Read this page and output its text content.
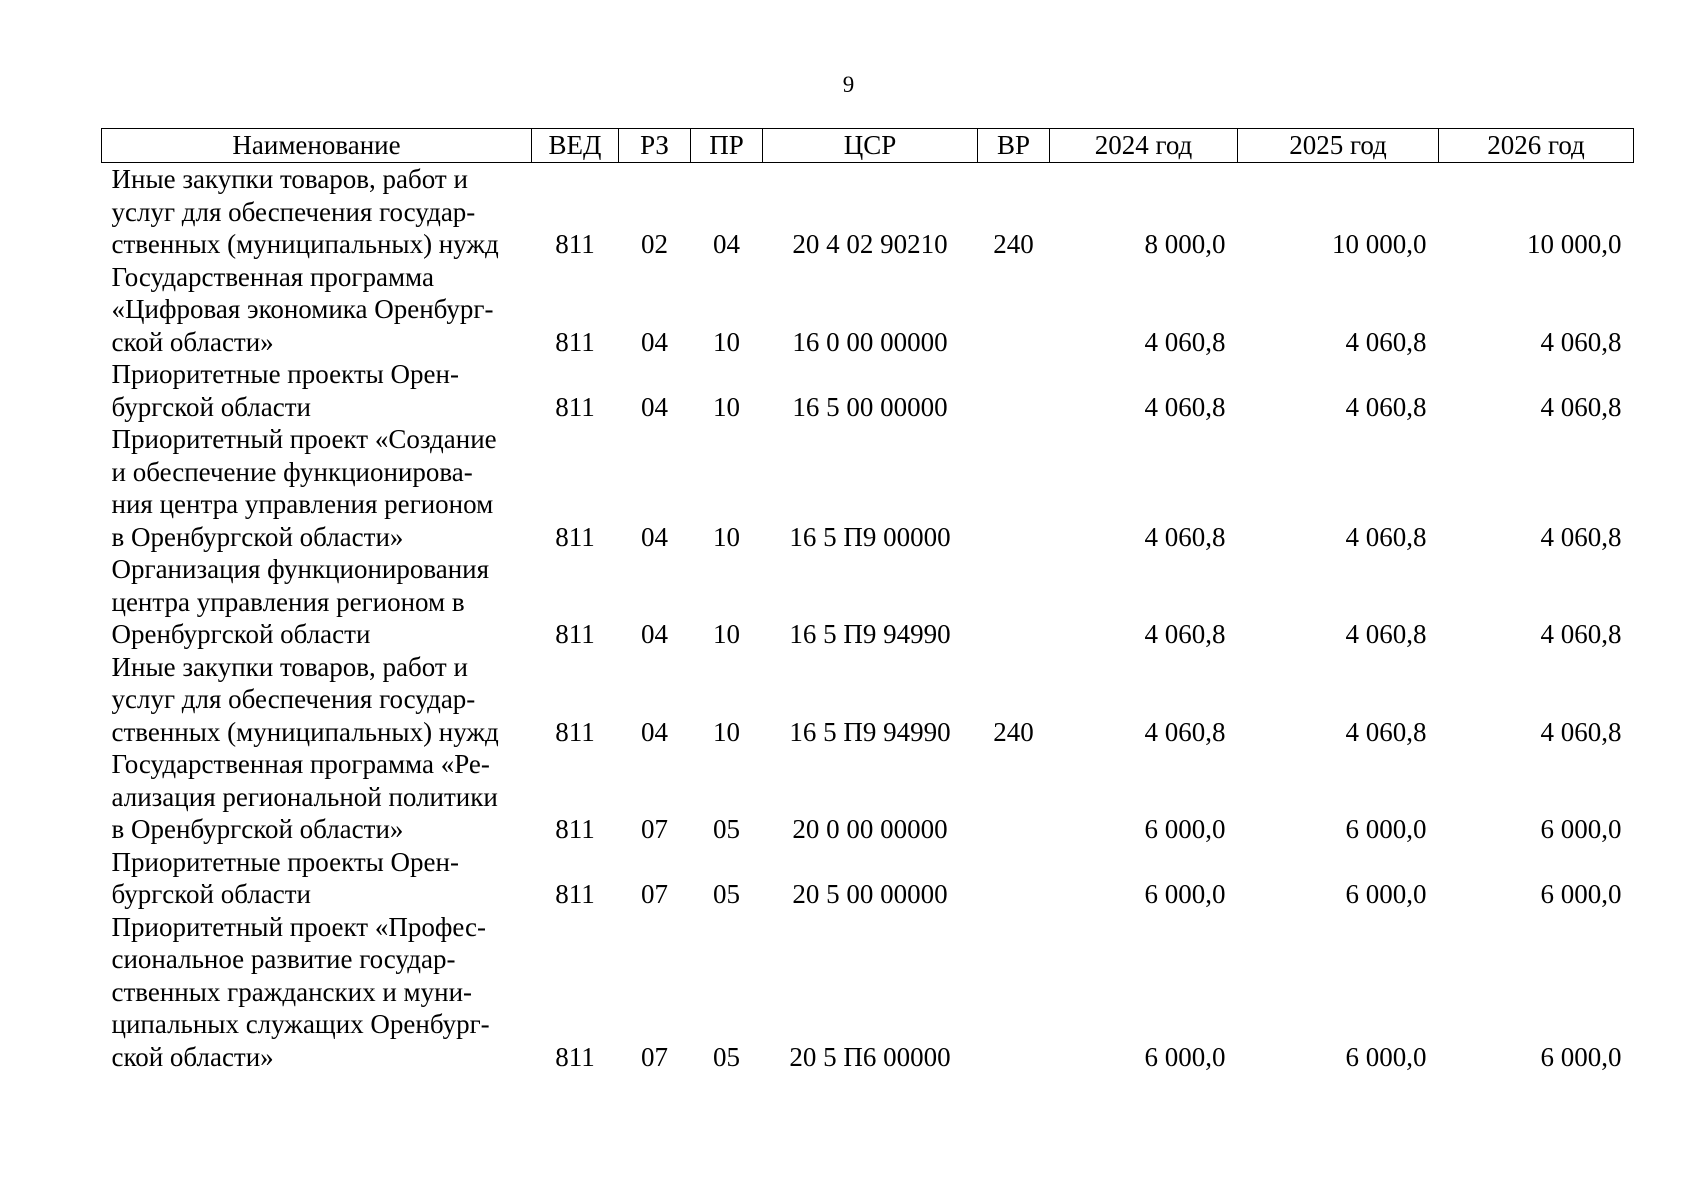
9
Наименование	ВЕД	РЗ	ПР	ЦСР	ВР	2024 год	2025 год	2026 год
Иные закупки товаров, работ и
услуг для обеспечения государ-
ственных (муниципальных) нужд	811	02	04	20 4 02 90210	240	8 000,0	10 000,0	10 000,0
Государственная программа
«Цифровая экономика Оренбург-
ской области»	811	04	10	16 0 00 00000		4 060,8	4 060,8	4 060,8
Приоритетные проекты Орен-
бургской области	811	04	10	16 5 00 00000		4 060,8	4 060,8	4 060,8
Приоритетный проект «Создание
и обеспечение функционирова-
ния центра управления регионом
в Оренбургской области»	811	04	10	16 5 П9 00000		4 060,8	4 060,8	4 060,8
Организация функционирования
центра управления регионом в
Оренбургской области	811	04	10	16 5 П9 94990		4 060,8	4 060,8	4 060,8
Иные закупки товаров, работ и
услуг для обеспечения государ-
ственных (муниципальных) нужд	811	04	10	16 5 П9 94990	240	4 060,8	4 060,8	4 060,8
Государственная программа «Ре-
ализация региональной политики
в Оренбургской области»	811	07	05	20 0 00 00000		6 000,0	6 000,0	6 000,0
Приоритетные проекты Орен-
бургской области	811	07	05	20 5 00 00000		6 000,0	6 000,0	6 000,0
Приоритетный проект «Профес-
сиональное развитие государ-
ственных гражданских и муни-
ципальных служащих Оренбург-
ской области»	811	07	05	20 5 П6 00000		6 000,0	6 000,0	6 000,0
